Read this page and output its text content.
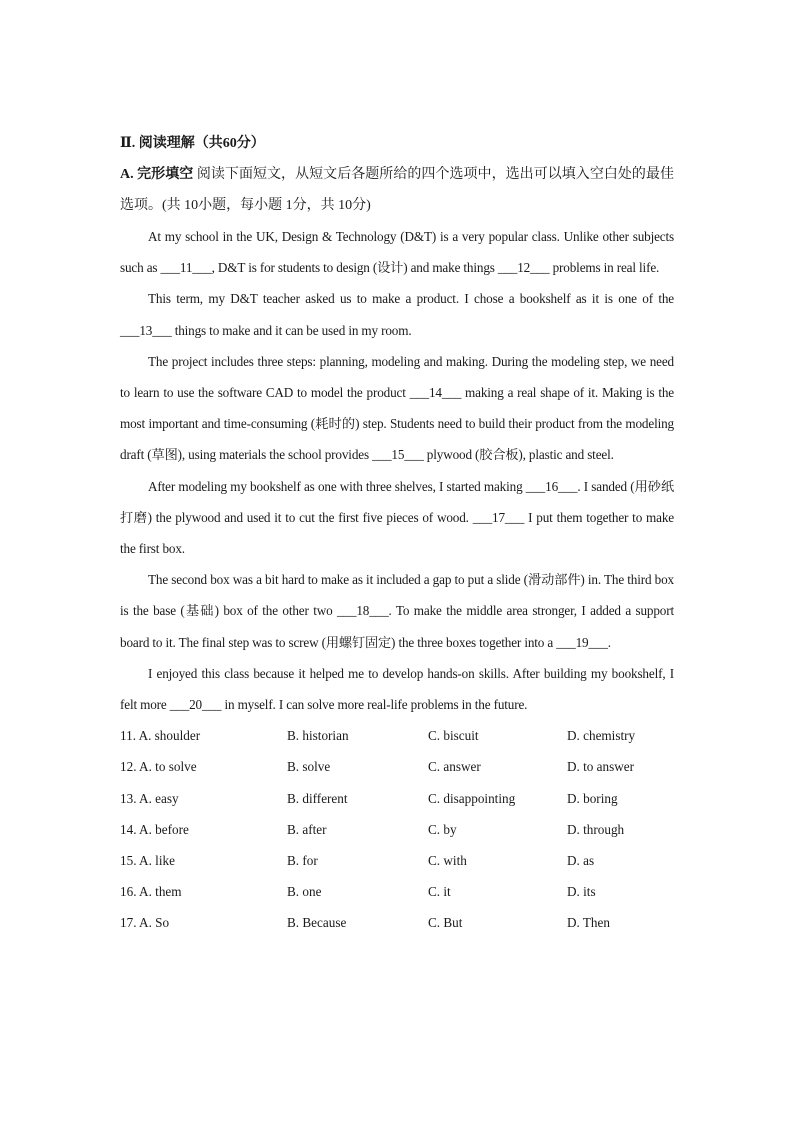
Ⅱ. 阅读理解（共60分）
A. 完形填空 阅读下面短文，从短文后各题所给的四个选项中，选出可以填入空白处的最佳选项。(共 10小题，每小题 1分，共 10分)

At my school in the UK, Design & Technology (D&T) is a very popular class. Unlike other subjects such as ___11___, D&T is for students to design (设计) and make things ___12___ problems in real life.

This term, my D&T teacher asked us to make a product. I chose a bookshelf as it is one of the ___13___ things to make and it can be used in my room.

The project includes three steps: planning, modeling and making. During the modeling step, we need to learn to use the software CAD to model the product ___14___ making a real shape of it. Making is the most important and time-consuming (耗时的) step. Students need to build their product from the modeling draft (草图), using materials the school provides ___15___ plywood (胶合板), plastic and steel.

After modeling my bookshelf as one with three shelves, I started making ___16___. I sanded (用砂纸打磨) the plywood and used it to cut the first five pieces of wood. ___17___ I put them together to make the first box.

The second box was a bit hard to make as it included a gap to put a slide (滑动部件) in. The third box is the base (基础) box of the other two ___18___. To make the middle area stronger, I added a support board to it. The final step was to screw (用螺钉固定) the three boxes together into a ___19___.

I enjoyed this class because it helped me to develop hands-on skills. After building my bookshelf, I felt more ___20___ in myself. I can solve more real-life problems in the future.

11. A. shoulder	B. historian	C. biscuit	D. chemistry
12. A. to solve	B. solve	C. answer	D. to answer
13. A. easy	B. different	C. disappointing	D. boring
14. A. before	B. after	C. by	D. through
15. A. like	B. for	C. with	D. as
16. A. them	B. one	C. it	D. its
17. A. So	B. Because	C. But	D. Then
